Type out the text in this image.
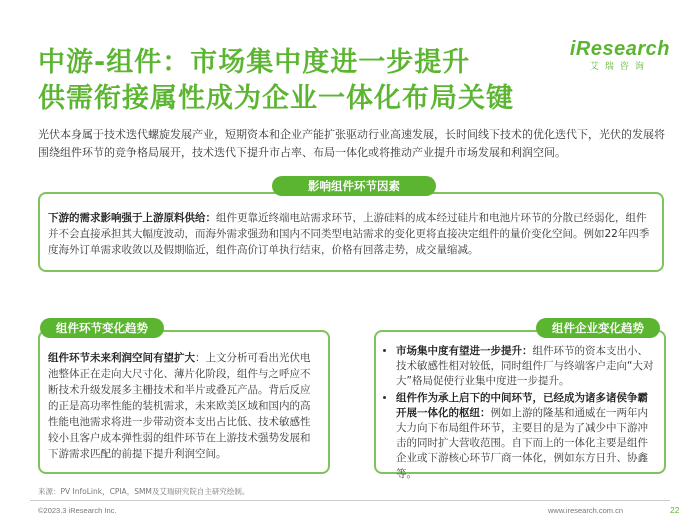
中游-组件：市场集中度进一步提升
供需衔接属性成为企业一体化布局关键
iResearch
艾瑞咨询
光伏本身属于技术迭代螺旋发展产业，短期资本和企业产能扩张驱动行业高速发展，长时间线下技术的优化迭代下，光伏的发展将围绕组件环节的竞争格局展开，技术迭代下提升市占率、布局一体化或将推动产业提升市场发展和利润空间。
下游的需求影响强于上游原料供给：组件更靠近终端电站需求环节，上游硅料的成本经过硅片和电池片环节的分散已经弱化，组件并不会直接承担其大幅度波动，而海外需求强劲和国内不同类型电站需求的变化更将直接决定组件的量价变化空间。例如22年四季度海外订单需求收敛以及假期临近，组件高价订单执行结束，价格有回落走势，成交量缩减。
影响组件环节因素
组件环节未来利润空间有望扩大：上文分析可看出光伏电池整体正在走向大尺寸化、薄片化阶段，组件与之呼应不断技术升级发展多主栅技术和半片或叠瓦产品。背后反应的正是高功率性能的装机需求，未来欧美区域和国内的高性能电池需求将进一步带动资本支出占比低、技术敏感性较小且客户成本弹性弱的组件环节在上游技术强势发展和下游需求匹配的前提下提升利润空间。
组件环节变化趋势
• 市场集中度有望进一步提升：组件环节的资本支出小、技术敏感性相对较低，同时组件厂与终端客户走向“大对大”格局促使行业集中度进一步提升。
• 组件作为承上启下的中间环节，已经成为诸多诸侯争霸开展一体化的枢纽：例如上游的隆基和通威在一两年内大力向下布局组件环节，主要目的是为了减少中下游冲击的同时扩大营收范围。自下而上的一体化主要是组件企业或下游核心环节厂商一体化，例如东方日升、协鑫等。
组件企业变化趋势
来源：PV InfoLink，CPIA，SMM及艾瑞研究院自主研究绘制。
©2023.3 iResearch Inc.	www.iresearch.com.cn	22
